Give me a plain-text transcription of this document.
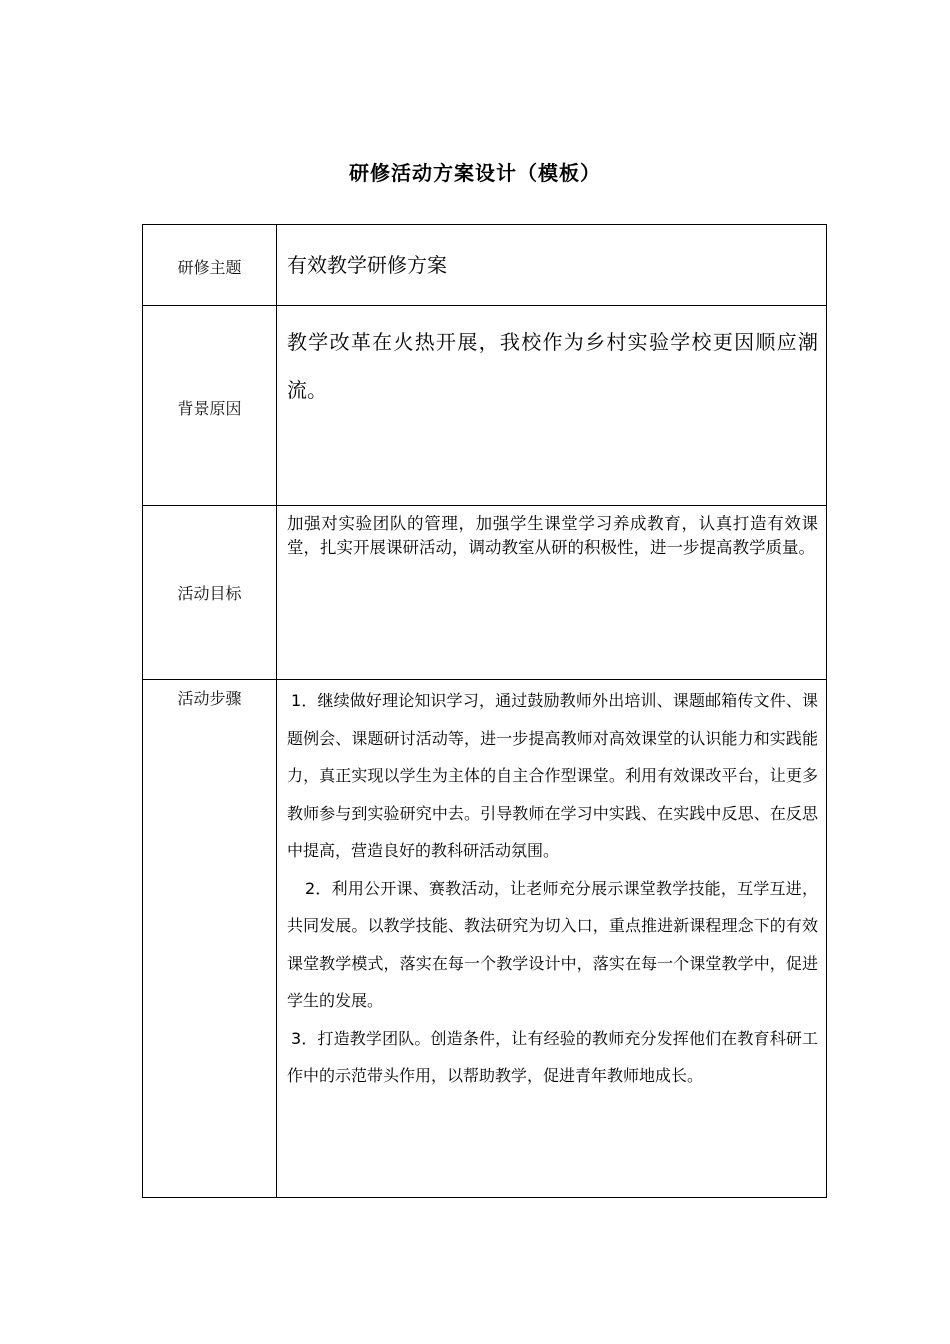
研修活动方案设计（模板）
研修主题	有效教学研修方案

背景原因	教学改革在火热开展，我校作为乡村实验学校更因顺应潮流。

活动目标	加强对实验团队的管理，加强学生课堂学习养成教育，认真打造有效课堂，扎实开展课研活动，调动教室从研的积极性，进一步提高教学质量。

活动步骤	1．继续做好理论知识学习，通过鼓励教师外出培训、课题邮箱传文件、课题例会、课题研讨活动等，进一步提高教师对高效课堂的认识能力和实践能力，真正实现以学生为主体的自主合作型课堂。利用有效课改平台，让更多教师参与到实验研究中去。引导教师在学习中实践、在实践中反思、在反思中提高，营造良好的教科研活动氛围。

2．利用公开课、赛教活动，让老师充分展示课堂教学技能，互学互进，共同发展。以教学技能、教法研究为切入口，重点推进新课程理念下的有效课堂教学模式，落实在每一个教学设计中，落实在每一个课堂教学中，促进学生的发展。

3．打造教学团队。创造条件，让有经验的教师充分发挥他们在教育科研工作中的示范带头作用，以帮助教学，促进青年教师地成长。
